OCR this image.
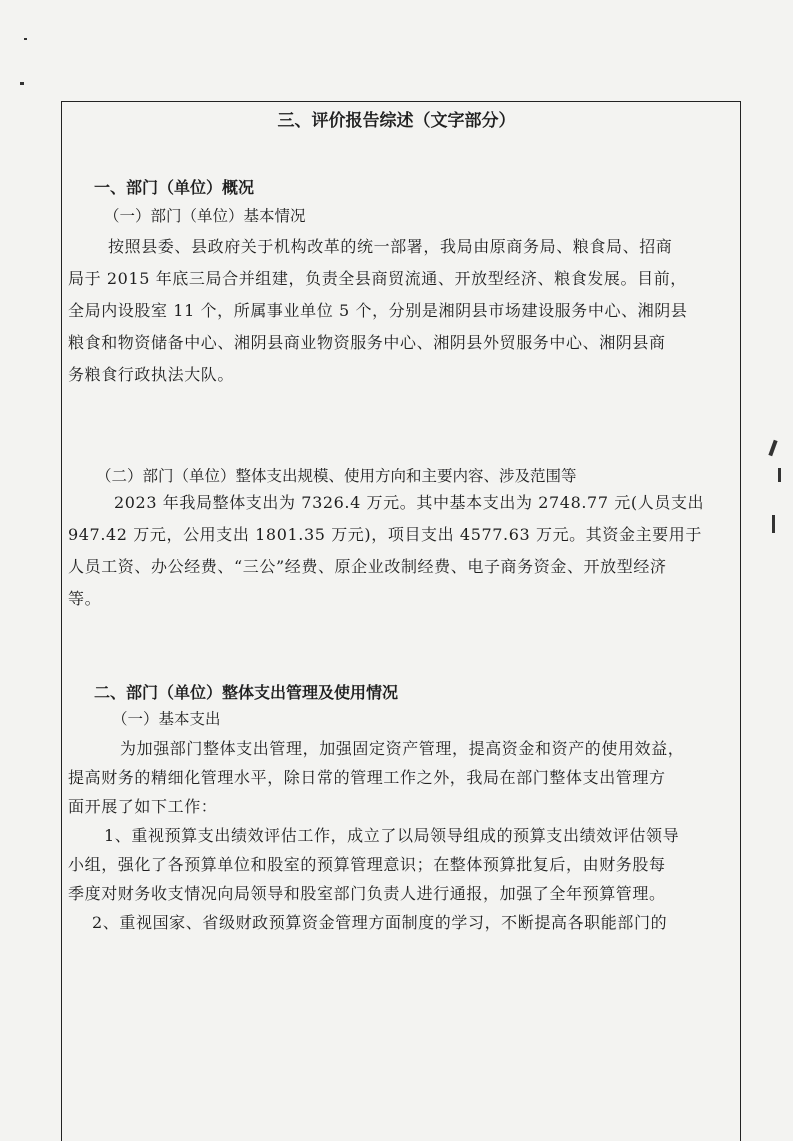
三、评价报告综述（文字部分）
一、部门（单位）概况
（一）部门（单位）基本情况
按照县委、县政府关于机构改革的统一部署，我局由原商务局、粮食局、招商
局于 2015 年底三局合并组建，负责全县商贸流通、开放型经济、粮食发展。目前，
全局内设股室 11 个，所属事业单位 5 个，分别是湘阴县市场建设服务中心、湘阴县
粮食和物资储备中心、湘阴县商业物资服务中心、湘阴县外贸服务中心、湘阴县商
务粮食行政执法大队。
（二）部门（单位）整体支出规模、使用方向和主要内容、涉及范围等
2023 年我局整体支出为 7326.4 万元。其中基本支出为 2748.77 元(人员支出
947.42 万元，公用支出 1801.35 万元)，项目支出 4577.63 万元。其资金主要用于
人员工资、办公经费、“三公”经费、原企业改制经费、电子商务资金、开放型经济
等。
二、部门（单位）整体支出管理及使用情况
（一）基本支出
为加强部门整体支出管理，加强固定资产管理，提高资金和资产的使用效益，
提高财务的精细化管理水平，除日常的管理工作之外，我局在部门整体支出管理方
面开展了如下工作：
1、重视预算支出绩效评估工作，成立了以局领导组成的预算支出绩效评估领导
小组，强化了各预算单位和股室的预算管理意识；在整体预算批复后，由财务股每
季度对财务收支情况向局领导和股室部门负责人进行通报，加强了全年预算管理。
2、重视国家、省级财政预算资金管理方面制度的学习，不断提高各职能部门的
